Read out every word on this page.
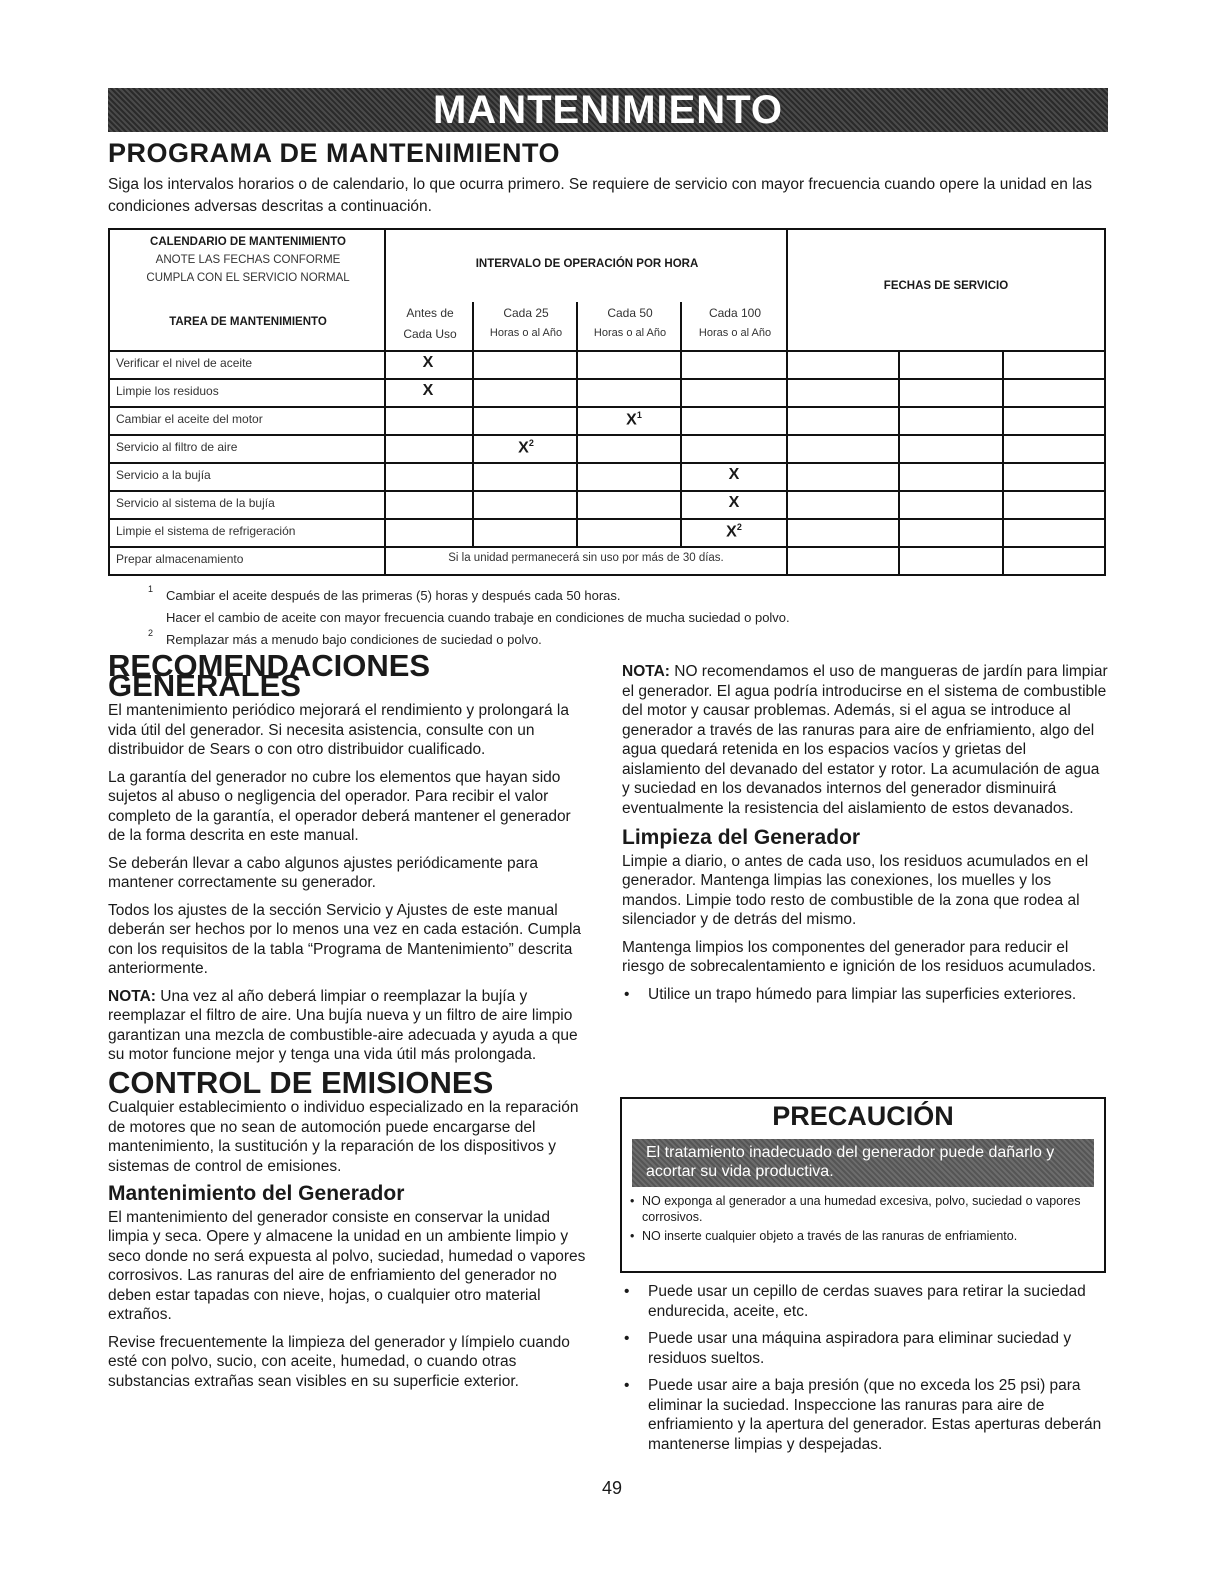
MANTENIMIENTO
PROGRAMA DE MANTENIMIENTO

Siga los intervalos horarios o de calendario, lo que ocurra primero. Se requiere de servicio con mayor frecuencia cuando opere la unidad en las condiciones adversas descritas a continuación.

CALENDARIO DE MANTENIMIENTO
ANOTE LAS FECHAS CONFORME
CUMPLA CON EL SERVICIO NORMAL
TAREA DE MANTENIMIENTO
INTERVALO DE OPERACIÓN POR HORA
FECHAS DE SERVICIO
Antes de
Cada Uso
Cada 25
Horas o al Año
Cada 50
Horas o al Año
Cada 100
Horas o al Año
Verificar el nivel de aceite
Limpie los residuos
Cambiar el aceite del motor
Servicio al filtro de aire
Servicio a la bujía
Servicio al sistema de la bujía
Limpie el sistema de refrigeración
Prepar almacenamiento
X
X
$X^1$
$X^2$
X
X
$X^2$
Si la unidad permanecerá sin uso por más de 30 días.

1 Cambiar el aceite después de las primeras (5) horas y después cada 50 horas.

Hacer el cambio de aceite con mayor frecuencia cuando trabaje en condiciones de mucha suciedad o polvo.

2 Remplazar más a menudo bajo condiciones de suciedad o polvo.

RECOMENDACIONES GENERALES

El mantenimiento periódico mejorará el rendimiento y prolongará la vida útil del generador. Si necesita asistencia, consulte con un distribuidor de Sears o con otro distribuidor cualificado.

La garantía del generador no cubre los elementos que hayan sido sujetos al abuso o negligencia del operador. Para recibir el valor completo de la garantía, el operador deberá mantener el generador de la forma descrita en este manual.

Se deberán llevar a cabo algunos ajustes periódicamente para mantener correctamente su generador.

Todos los ajustes de la sección Servicio y Ajustes de este manual deberán ser hechos por lo menos una vez en cada estación. Cumpla con los requisitos de la tabla “Programa de Mantenimiento” descrita anteriormente.

NOTA: Una vez al año deberá limpiar o reemplazar la bujía y reemplazar el filtro de aire. Una bujía nueva y un filtro de aire limpio garantizan una mezcla de combustible-aire adecuada y ayuda a que su motor funcione mejor y tenga una vida útil más prolongada.

CONTROL DE EMISIONES

Cualquier establecimiento o individuo especializado en la reparación de motores que no sean de automoción puede encargarse del mantenimiento, la sustitución y la reparación de los dispositivos y sistemas de control de emisiones.

Mantenimiento del Generador

El mantenimiento del generador consiste en conservar la unidad limpia y seca. Opere y almacene la unidad en un ambiente limpio y seco donde no será expuesta al polvo, suciedad, humedad o vapores corrosivos. Las ranuras del aire de enfriamiento del generador no deben estar tapadas con nieve, hojas, o cualquier otro material extraños.

Revise frecuentemente la limpieza del generador y límpielo cuando esté con polvo, sucio, con aceite, humedad, o cuando otras substancias extrañas sean visibles en su superficie exterior.

NOTA: NO recomendamos el uso de mangueras de jardín para limpiar el generador. El agua podría introducirse en el sistema de combustible del motor y causar problemas. Además, si el agua se introduce al generador a través de las ranuras para aire de enfriamiento, algo del agua quedará retenida en los espacios vacíos y grietas del aislamiento del devanado del estator y rotor. La acumulación de agua y suciedad en los devanados internos del generador disminuirá eventualmente la resistencia del aislamiento de estos devanados.

Limpieza del Generador

Limpie a diario, o antes de cada uso, los residuos acumulados en el generador. Mantenga limpias las conexiones, los muelles y los mandos. Limpie todo resto de combustible de la zona que rodea al silenciador y de detrás del mismo.

Mantenga limpios los componentes del generador para reducir el riesgo de sobrecalentamiento e ignición de los residuos acumulados.

• Utilice un trapo húmedo para limpiar las superficies exteriores.

PRECAUCIÓN
El tratamiento inadecuado del generador puede dañarlo y acortar su vida productiva.
• NO exponga al generador a una humedad excesiva, polvo, suciedad o vapores corrosivos.
• NO inserte cualquier objeto a través de las ranuras de enfriamiento.

• Puede usar un cepillo de cerdas suaves para retirar la suciedad endurecida, aceite, etc.

• Puede usar una máquina aspiradora para eliminar suciedad y residuos sueltos.

• Puede usar aire a baja presión (que no exceda los 25 psi) para eliminar la suciedad. Inspeccione las ranuras para aire de enfriamiento y la apertura del generador. Estas aperturas deberán mantenerse limpias y despejadas.

49
